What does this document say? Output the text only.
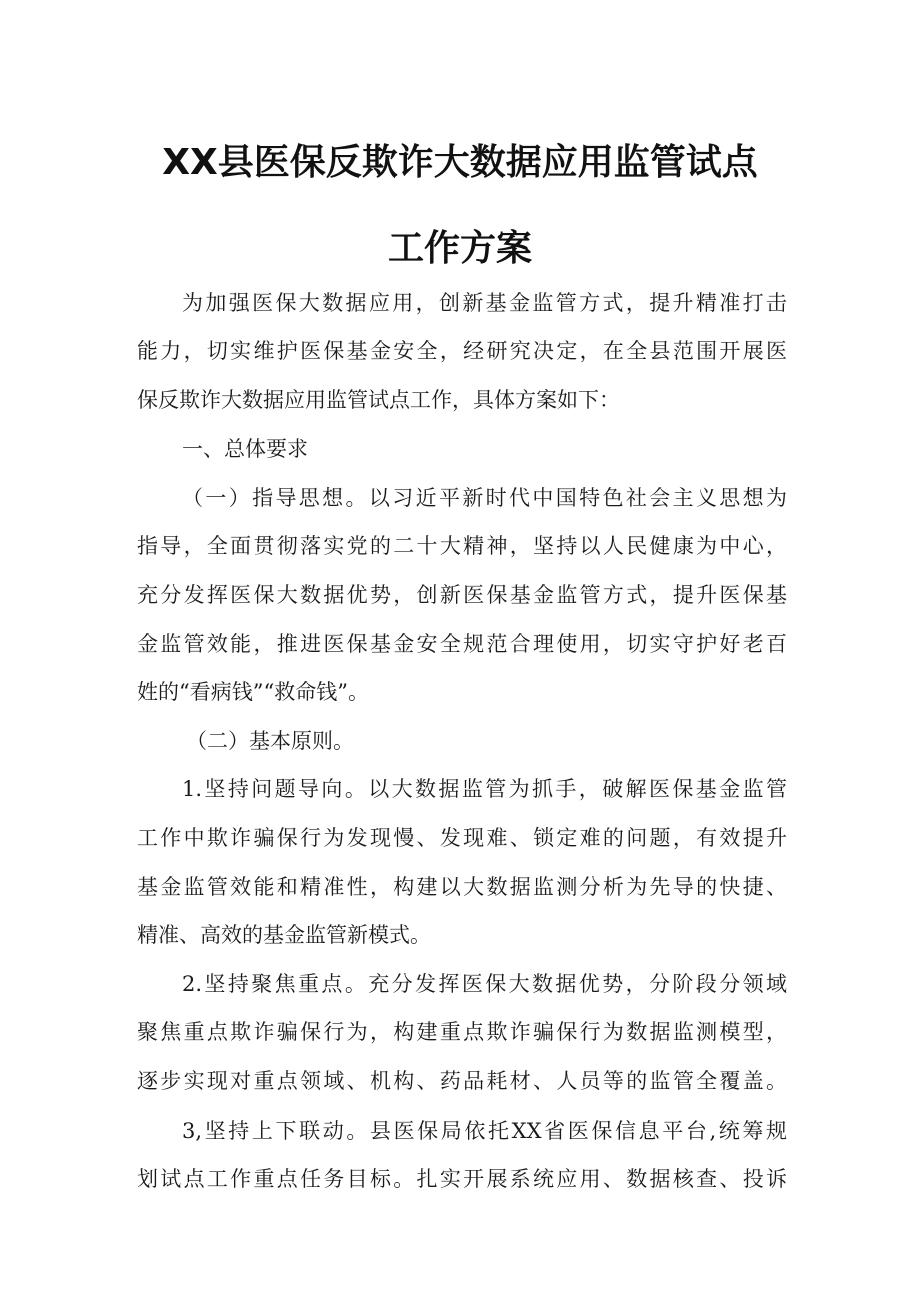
XX县医保反欺诈大数据应用监管试点
工作方案
为加强医保大数据应用，创新基金监管方式，提升精准打击
能力，切实维护医保基金安全，经研究决定，在全县范围开展医
保反欺诈大数据应用监管试点工作，具体方案如下：
一、总体要求
（一）指导思想。以习近平新时代中国特色社会主义思想为
指导，全面贯彻落实党的二十大精神，坚持以人民健康为中心，
充分发挥医保大数据优势，创新医保基金监管方式，提升医保基
金监管效能，推进医保基金安全规范合理使用，切实守护好老百
姓的“看病钱”“救命钱”。
（二）基本原则。
1.坚持问题导向。以大数据监管为抓手，破解医保基金监管
工作中欺诈骗保行为发现慢、发现难、锁定难的问题，有效提升
基金监管效能和精准性，构建以大数据监测分析为先导的快捷、
精准、高效的基金监管新模式。
2.坚持聚焦重点。充分发挥医保大数据优势，分阶段分领域
聚焦重点欺诈骗保行为，构建重点欺诈骗保行为数据监测模型，
逐步实现对重点领域、机构、药品耗材、人员等的监管全覆盖。
3,坚持上下联动。县医保局依托XX省医保信息平台,统筹规
划试点工作重点任务目标。扎实开展系统应用、数据核查、投诉
